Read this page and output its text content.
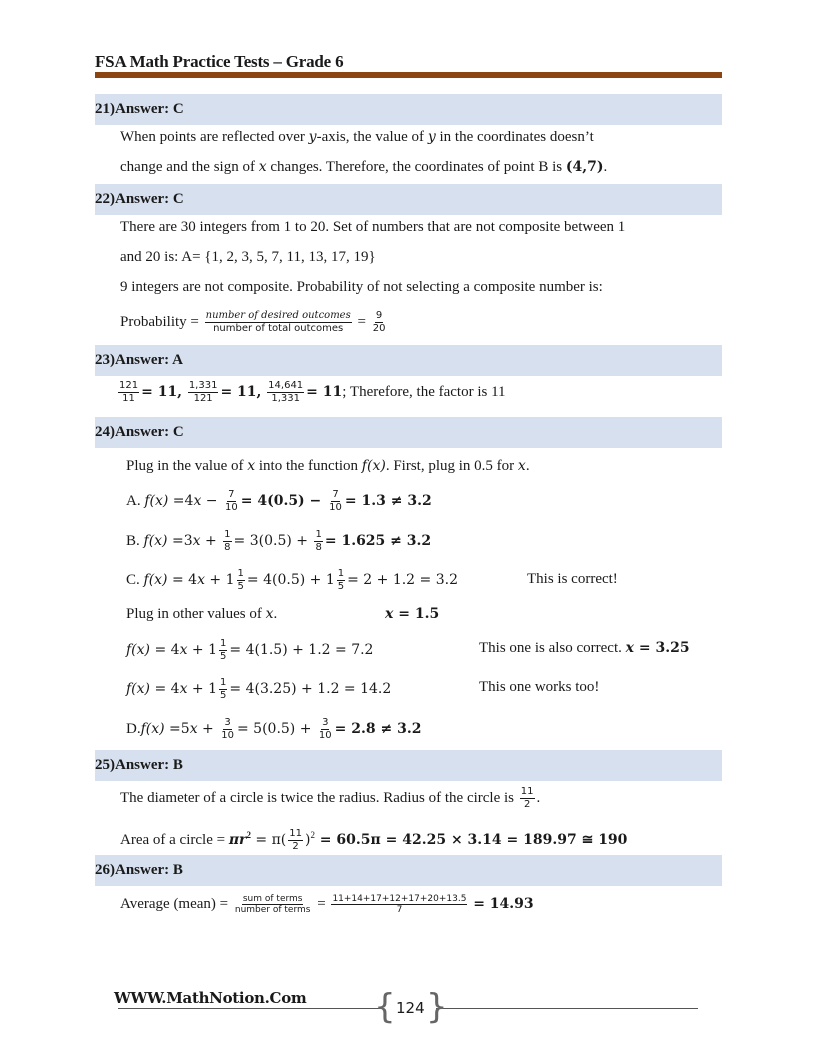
FSA Math Practice Tests – Grade 6
21)Answer: C
When points are reflected over y-axis, the value of y in the coordinates doesn’t
change and the sign of x changes. Therefore, the coordinates of point B is (4,7).
22)Answer: C
There are 30 integers from 1 to 20. Set of numbers that are not composite between 1
and 20 is: A= {1, 2, 3, 5, 7, 11, 13, 17, 19}
9 integers are not composite. Probability of not selecting a composite number is:
Probability = $\frac{\text{number of desired outcomes}}{\text{number of total outcomes}} = \frac{9}{20}$
23)Answer: A
$\frac{121}{11} = 11$, $\frac{1,331}{121} = 11$, $\frac{14,641}{1,331} = 11$; Therefore, the factor is 11
24)Answer: C
Plug in the value of x into the function f(x). First, plug in 0.5 for x.
A. $f(x) =4x - \frac{7}{10} = 4(0.5) - \frac{7}{10} = 1.3 \ne 3.2$
B. $f(x) =3x + \frac{1}{8} = 3(0.5) + \frac{1}{8} = 1.625 \ne 3.2$
C. $f(x) = 4x + 1 \frac{1}{5} = 4(0.5) + 1 \frac{1}{5} = 2 + 1.2 = 3.2$	This is correct!
Plug in other values of x.	x = 1.5
$f(x) = 4x + 1 \frac{1}{5} = 4(1.5) + 1.2 = 7.2$	This one is also correct. x = 3.25
$f(x) = 4x + 1 \frac{1}{5} = 4(3.25) + 1.2 = 14.2$	This one works too!
$D.f(x) =5x + \frac{3}{10} = 5(0.5) + \frac{3}{10} = 2.8 \ne 3.2$
25)Answer: B
The diameter of a circle is twice the radius. Radius of the circle is $\frac{11}{2}$ .
Area of a circle = $\pi r^2 = \pi( \frac{11}{2} )^2 = 60.5\pi = 42.25 \times 3.14 = 189.97$ ≅ 190
26)Answer: B
Average (mean) = $\frac{\text{sum of terms}}{\text{number of terms}} = \frac{11+14+17+12+17+20+13.5}{7} = 14.93$
WWW.MathNotion.Com { }
124
